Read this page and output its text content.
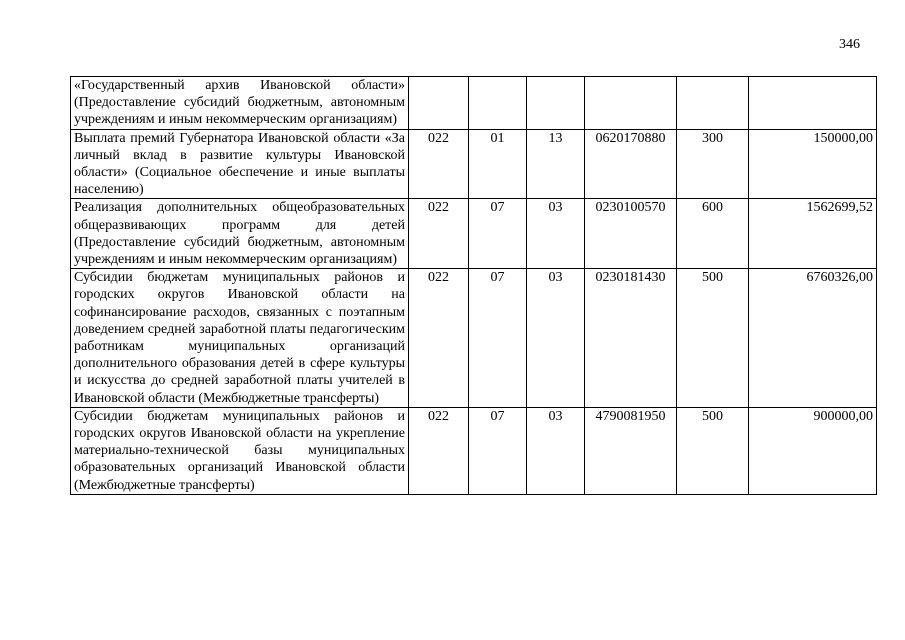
346
«Государственный архив Ивановской области» (Предоставление субсидий бюджетным, автономным учреждениям и иным некоммерческим организациям)						
Выплата премий Губернатора Ивановской области «За личный вклад в развитие культуры Ивановской области» (Социальное обеспечение и иные выплаты населению)	022	01	13	0620170880	300	150000,00
Реализация дополнительных общеобразовательных общеразвивающих программ для детей (Предоставление субсидий бюджетным, автономным учреждениям и иным некоммерческим организациям)	022	07	03	0230100570	600	1562699,52
Субсидии бюджетам муниципальных районов и городских округов Ивановской области на софинансирование расходов, связанных с поэтапным доведением средней заработной платы педагогическим работникам муниципальных организаций дополнительного образования детей в сфере культуры и искусства до средней заработной платы учителей в Ивановской области (Межбюджетные трансферты)	022	07	03	0230181430	500	6760326,00
Субсидии бюджетам муниципальных районов и городских округов Ивановской области на укрепление материально-технической базы муниципальных образовательных организаций Ивановской области (Межбюджетные трансферты)	022	07	03	4790081950	500	900000,00
